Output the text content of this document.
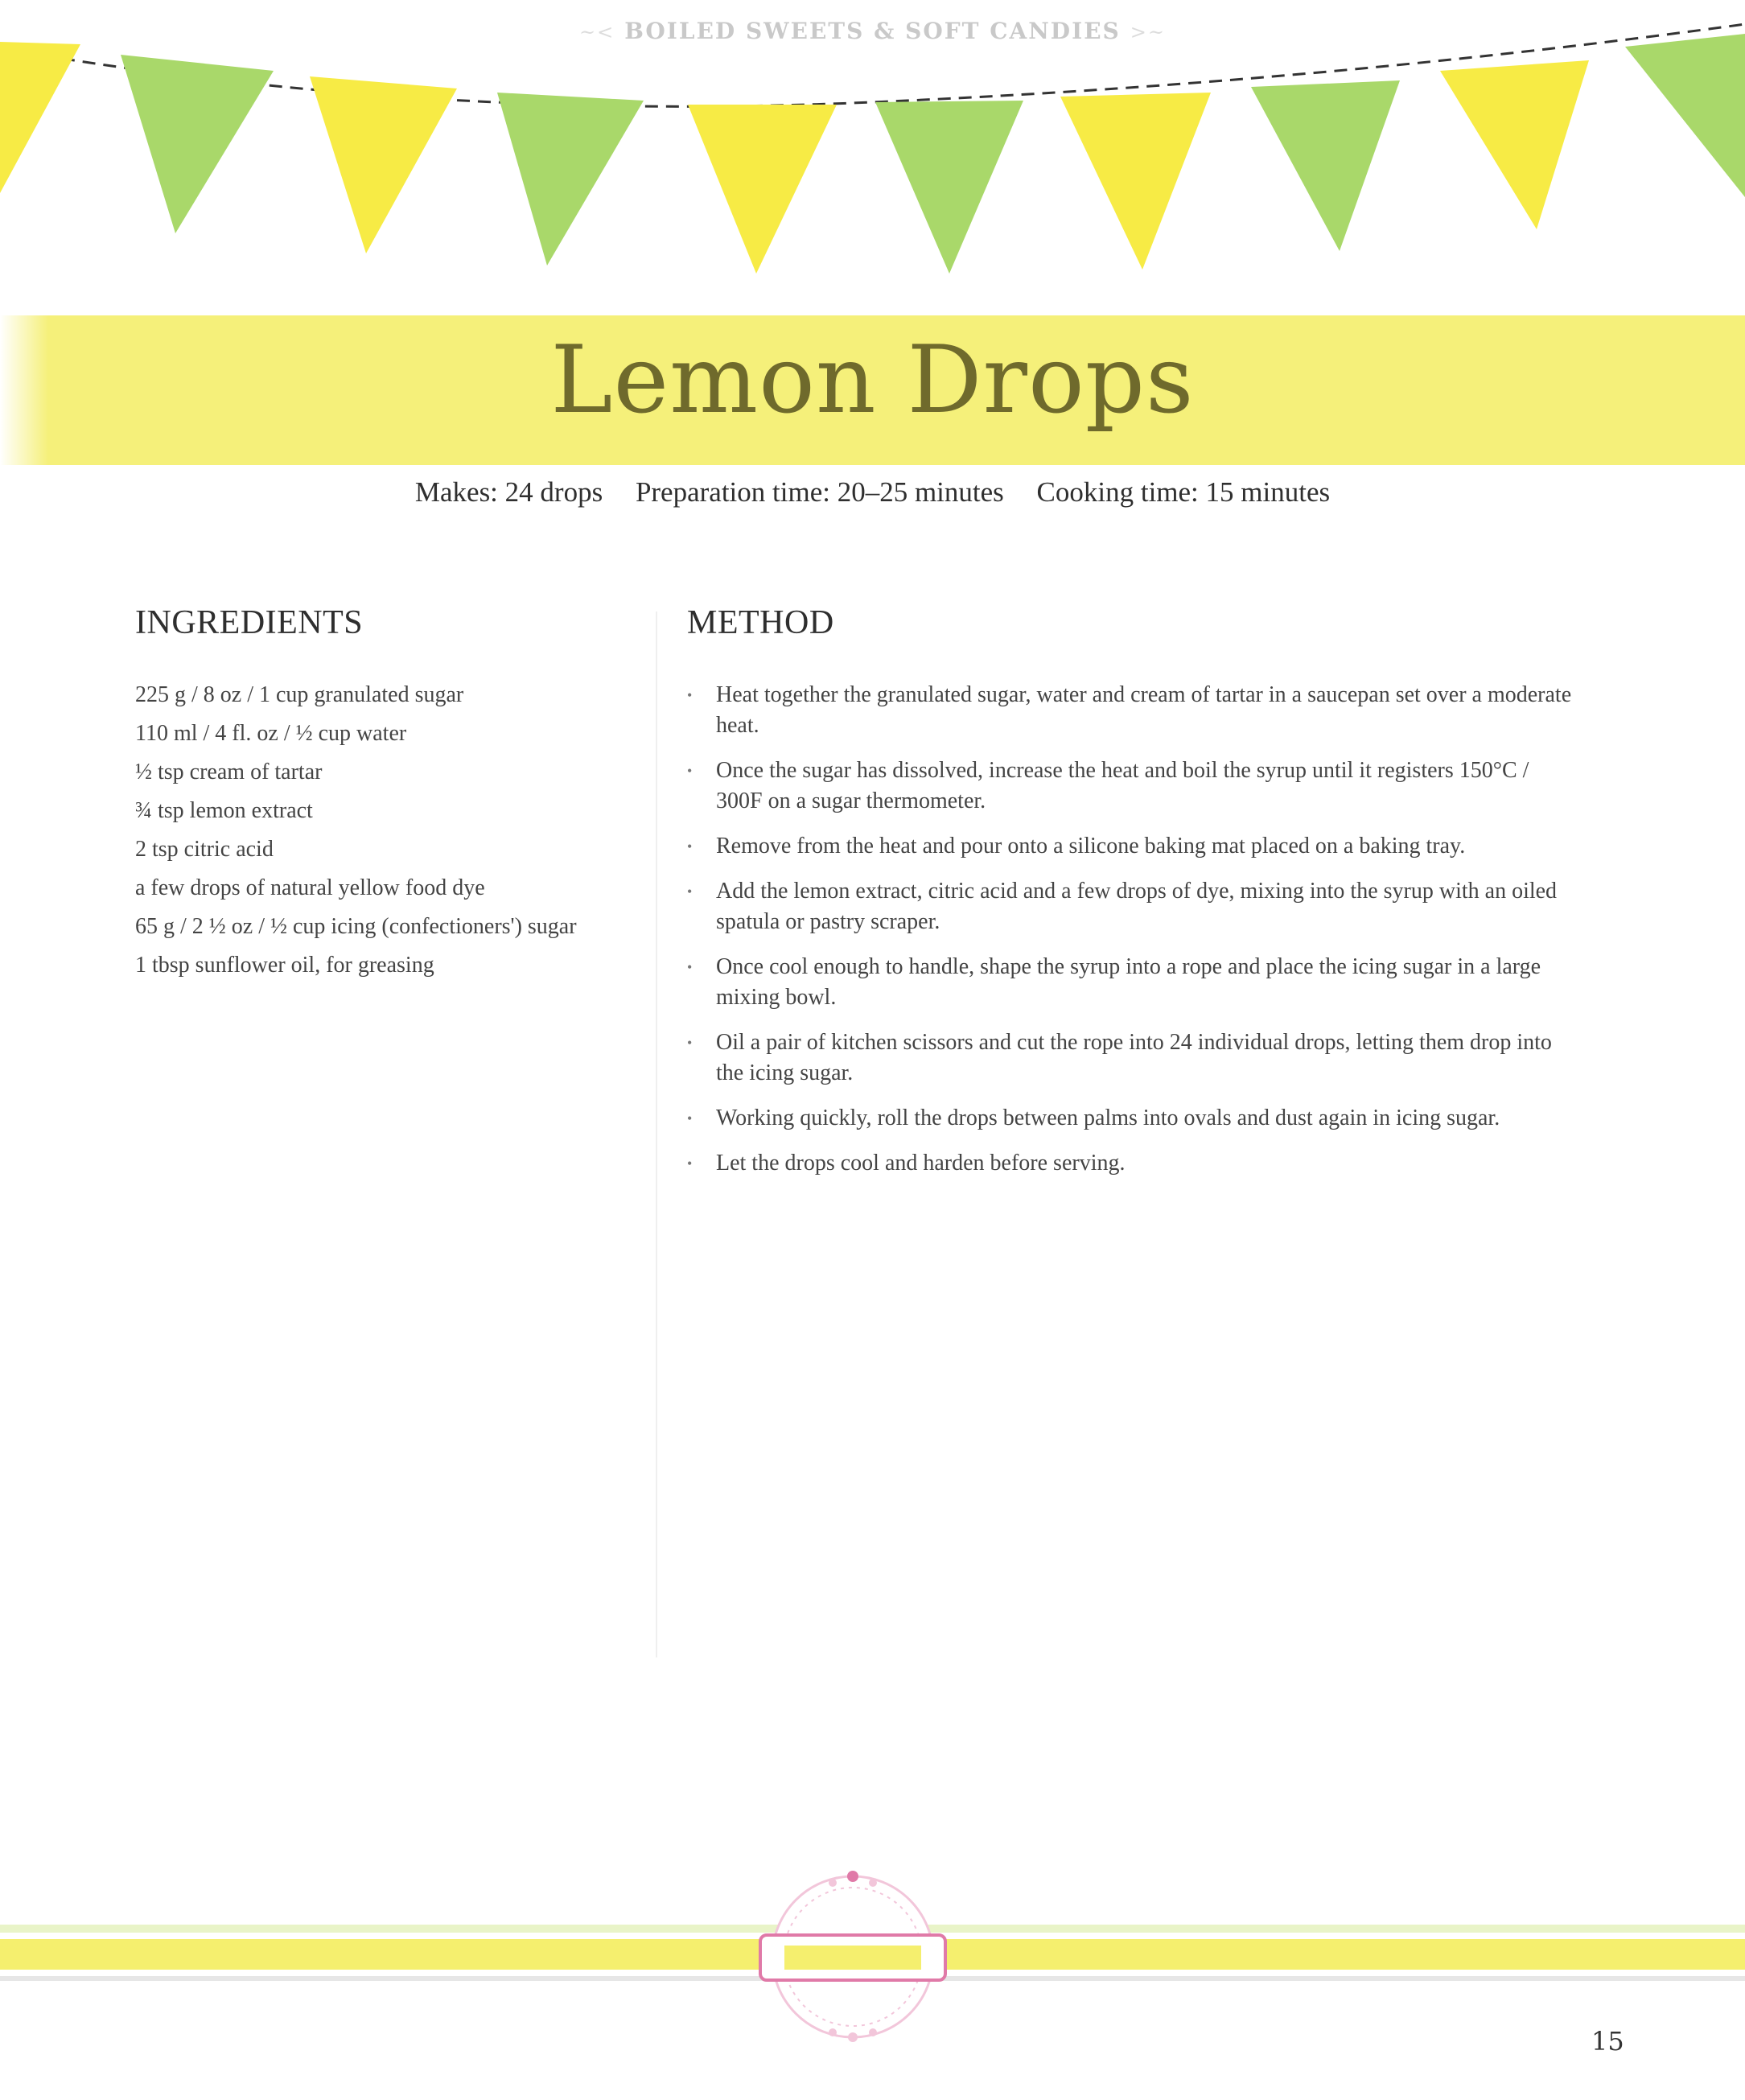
~< BOILED SWEETS & SOFT CANDIES >~
Lemon Drops
Makes: 24 drops Preparation time: 20–25 minutes Cooking time: 15 minutes
INGREDIENTS	METHOD
225 g / 8 oz / 1 cup granulated sugar
110 ml / 4 fl. oz / ½ cup water
½ tsp cream of tartar
¾ tsp lemon extract
2 tsp citric acid
a few drops of natural yellow food dye
65 g / 2 ½ oz / ½ cup icing (confectioners') sugar
1 tbsp sunflower oil, for greasing
• Heat together the granulated sugar, water and cream of tartar in a saucepan set over a moderate heat.
• Once the sugar has dissolved, increase the heat and boil the syrup until it registers 150°C / 300F on a sugar thermometer.
• Remove from the heat and pour onto a silicone baking mat placed on a baking tray.
• Add the lemon extract, citric acid and a few drops of dye, mixing into the syrup with an oiled spatula or pastry scraper.
• Once cool enough to handle, shape the syrup into a rope and place the icing sugar in a large mixing bowl.
• Oil a pair of kitchen scissors and cut the rope into 24 individual drops, letting them drop into the icing sugar.
• Working quickly, roll the drops between palms into ovals and dust again in icing sugar.
• Let the drops cool and harden before serving.
15
